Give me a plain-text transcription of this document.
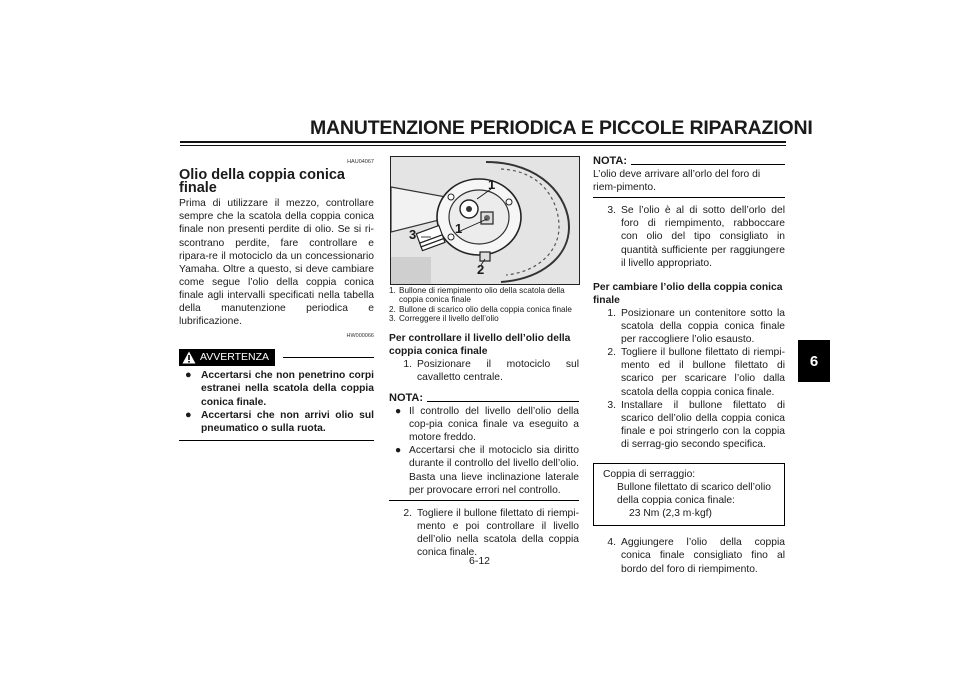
MANUTENZIONE PERIODICA E PICCOLE RIPARAZIONI
6
HAU04067
Olio della coppia conica finale
Prima di utilizzare il mezzo, controllare sempre che la scatola della coppia conica finale non presenti perdite di olio. Se si ri-scontrano perdite, fare controllare e ripara-re il motociclo da un concessionario Yamaha. Oltre a questo, si deve cambiare come segue l’olio della coppia conica finale agli intervalli specificati nella tabella della manutenzione periodica e lubrificazione.
HW000066
AVVERTENZA
● Accertarsi che non penetrino corpi estranei nella scatola della coppia conica finale.
● Accertarsi che non arrivi olio sul pneumatico o sulla ruota.
1
1
2
3
1. Bullone di riempimento olio della scatola della coppia conica finale
2. Bullone di scarico olio della coppia conica finale
3. Correggere il livello dell’olio
Per controllare il livello dell’olio della coppia conica finale
1. Posizionare il motociclo sul cavalletto centrale.
NOTA:
● Il controllo del livello dell’olio della cop-pia conica finale va eseguito a motore freddo.
● Accertarsi che il motociclo sia diritto durante il controllo del livello dell’olio. Basta una lieve inclinazione laterale per provocare errori nel controllo.
2. Togliere il bullone filettato di riempi-mento e poi controllare il livello dell’olio nella scatola della coppia conica finale.
NOTA:
L’olio deve arrivare all’orlo del foro di riem-pimento.
3. Se l’olio è al di sotto dell’orlo del foro di riempimento, rabboccare con olio del tipo consigliato in quantità sufficiente per raggiungere il livello appropriato.
Per cambiare l’olio della coppia conica finale
1. Posizionare un contenitore sotto la scatola della coppia conica finale per raccogliere l’olio esausto.
2. Togliere il bullone filettato di riempi-mento ed il bullone filettato di scarico per scaricare l’olio dalla scatola della coppia conica finale.
3. Installare il bullone filettato di scarico dell’olio della coppia conica finale e poi stringerlo con la coppia di serrag-gio secondo specifica.
Coppia di serraggio:
Bullone filettato di scarico dell’olio della coppia conica finale:
23 Nm (2,3 m·kgf)
4. Aggiungere l’olio della coppia conica finale consigliato fino al bordo del foro di riempimento.
6-12
